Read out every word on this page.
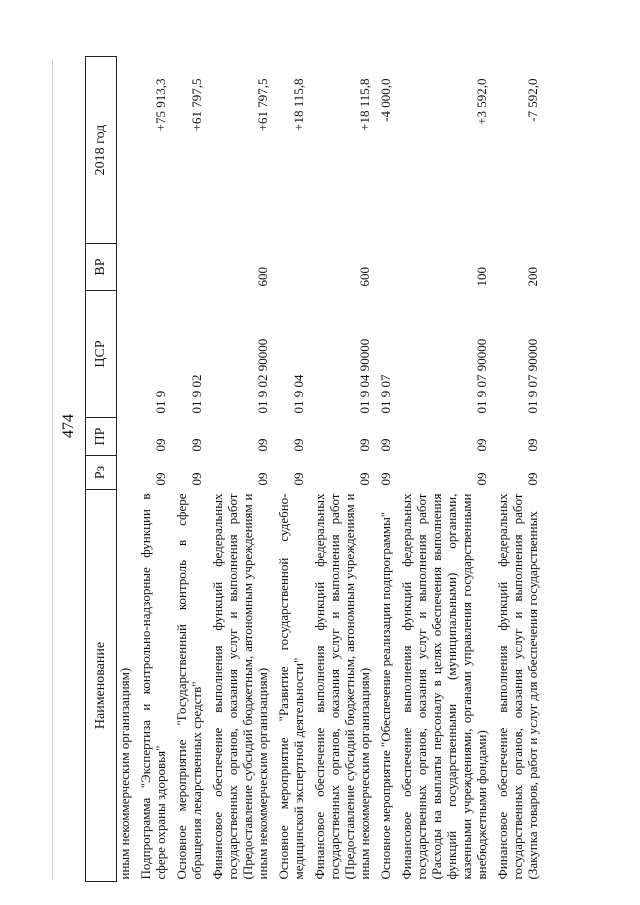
474
Наименование	Рз	ПР	ЦСР	ВР	2018 год
иным некоммерческим организациям)					
Подпрограмма "Экспертиза и контрольно-надзорные функции в сфере охраны здоровья"	09	09	01 9		+75 913,3
Основное мероприятие "Государственный контроль в сфере обращения лекарственных средств"	09	09	01 9 02		+61 797,5
Финансовое обеспечение выполнения функций федеральных государственных органов, оказания услуг и выполнения работ (Предоставление субсидий бюджетным, автономным учреждениям и иным некоммерческим организациям)	09	09	01 9 02 90000	600	+61 797,5
Основное мероприятие "Развитие государственной судебно-медицинской экспертной деятельности"	09	09	01 9 04		+18 115,8
Финансовое обеспечение выполнения функций федеральных государственных органов, оказания услуг и выполнения работ (Предоставление субсидий бюджетным, автономным учреждениям и иным некоммерческим организациям)	09	09	01 9 04 90000	600	+18 115,8
Основное мероприятие "Обеспечение реализации подпрограммы"	09	09	01 9 07		-4 000,0
Финансовое обеспечение выполнения функций федеральных государственных органов, оказания услуг и выполнения работ (Расходы на выплаты персоналу в целях обеспечения выполнения функций государственными (муниципальными) органами, казенными учреждениями, органами управления государственными внебюджетными фондами)	09	09	01 9 07 90000	100	+3 592,0
Финансовое обеспечение выполнения функций федеральных государственных органов, оказания услуг и выполнения работ (Закупка товаров, работ и услуг для обеспечения государственных	09	09	01 9 07 90000	200	-7 592,0
